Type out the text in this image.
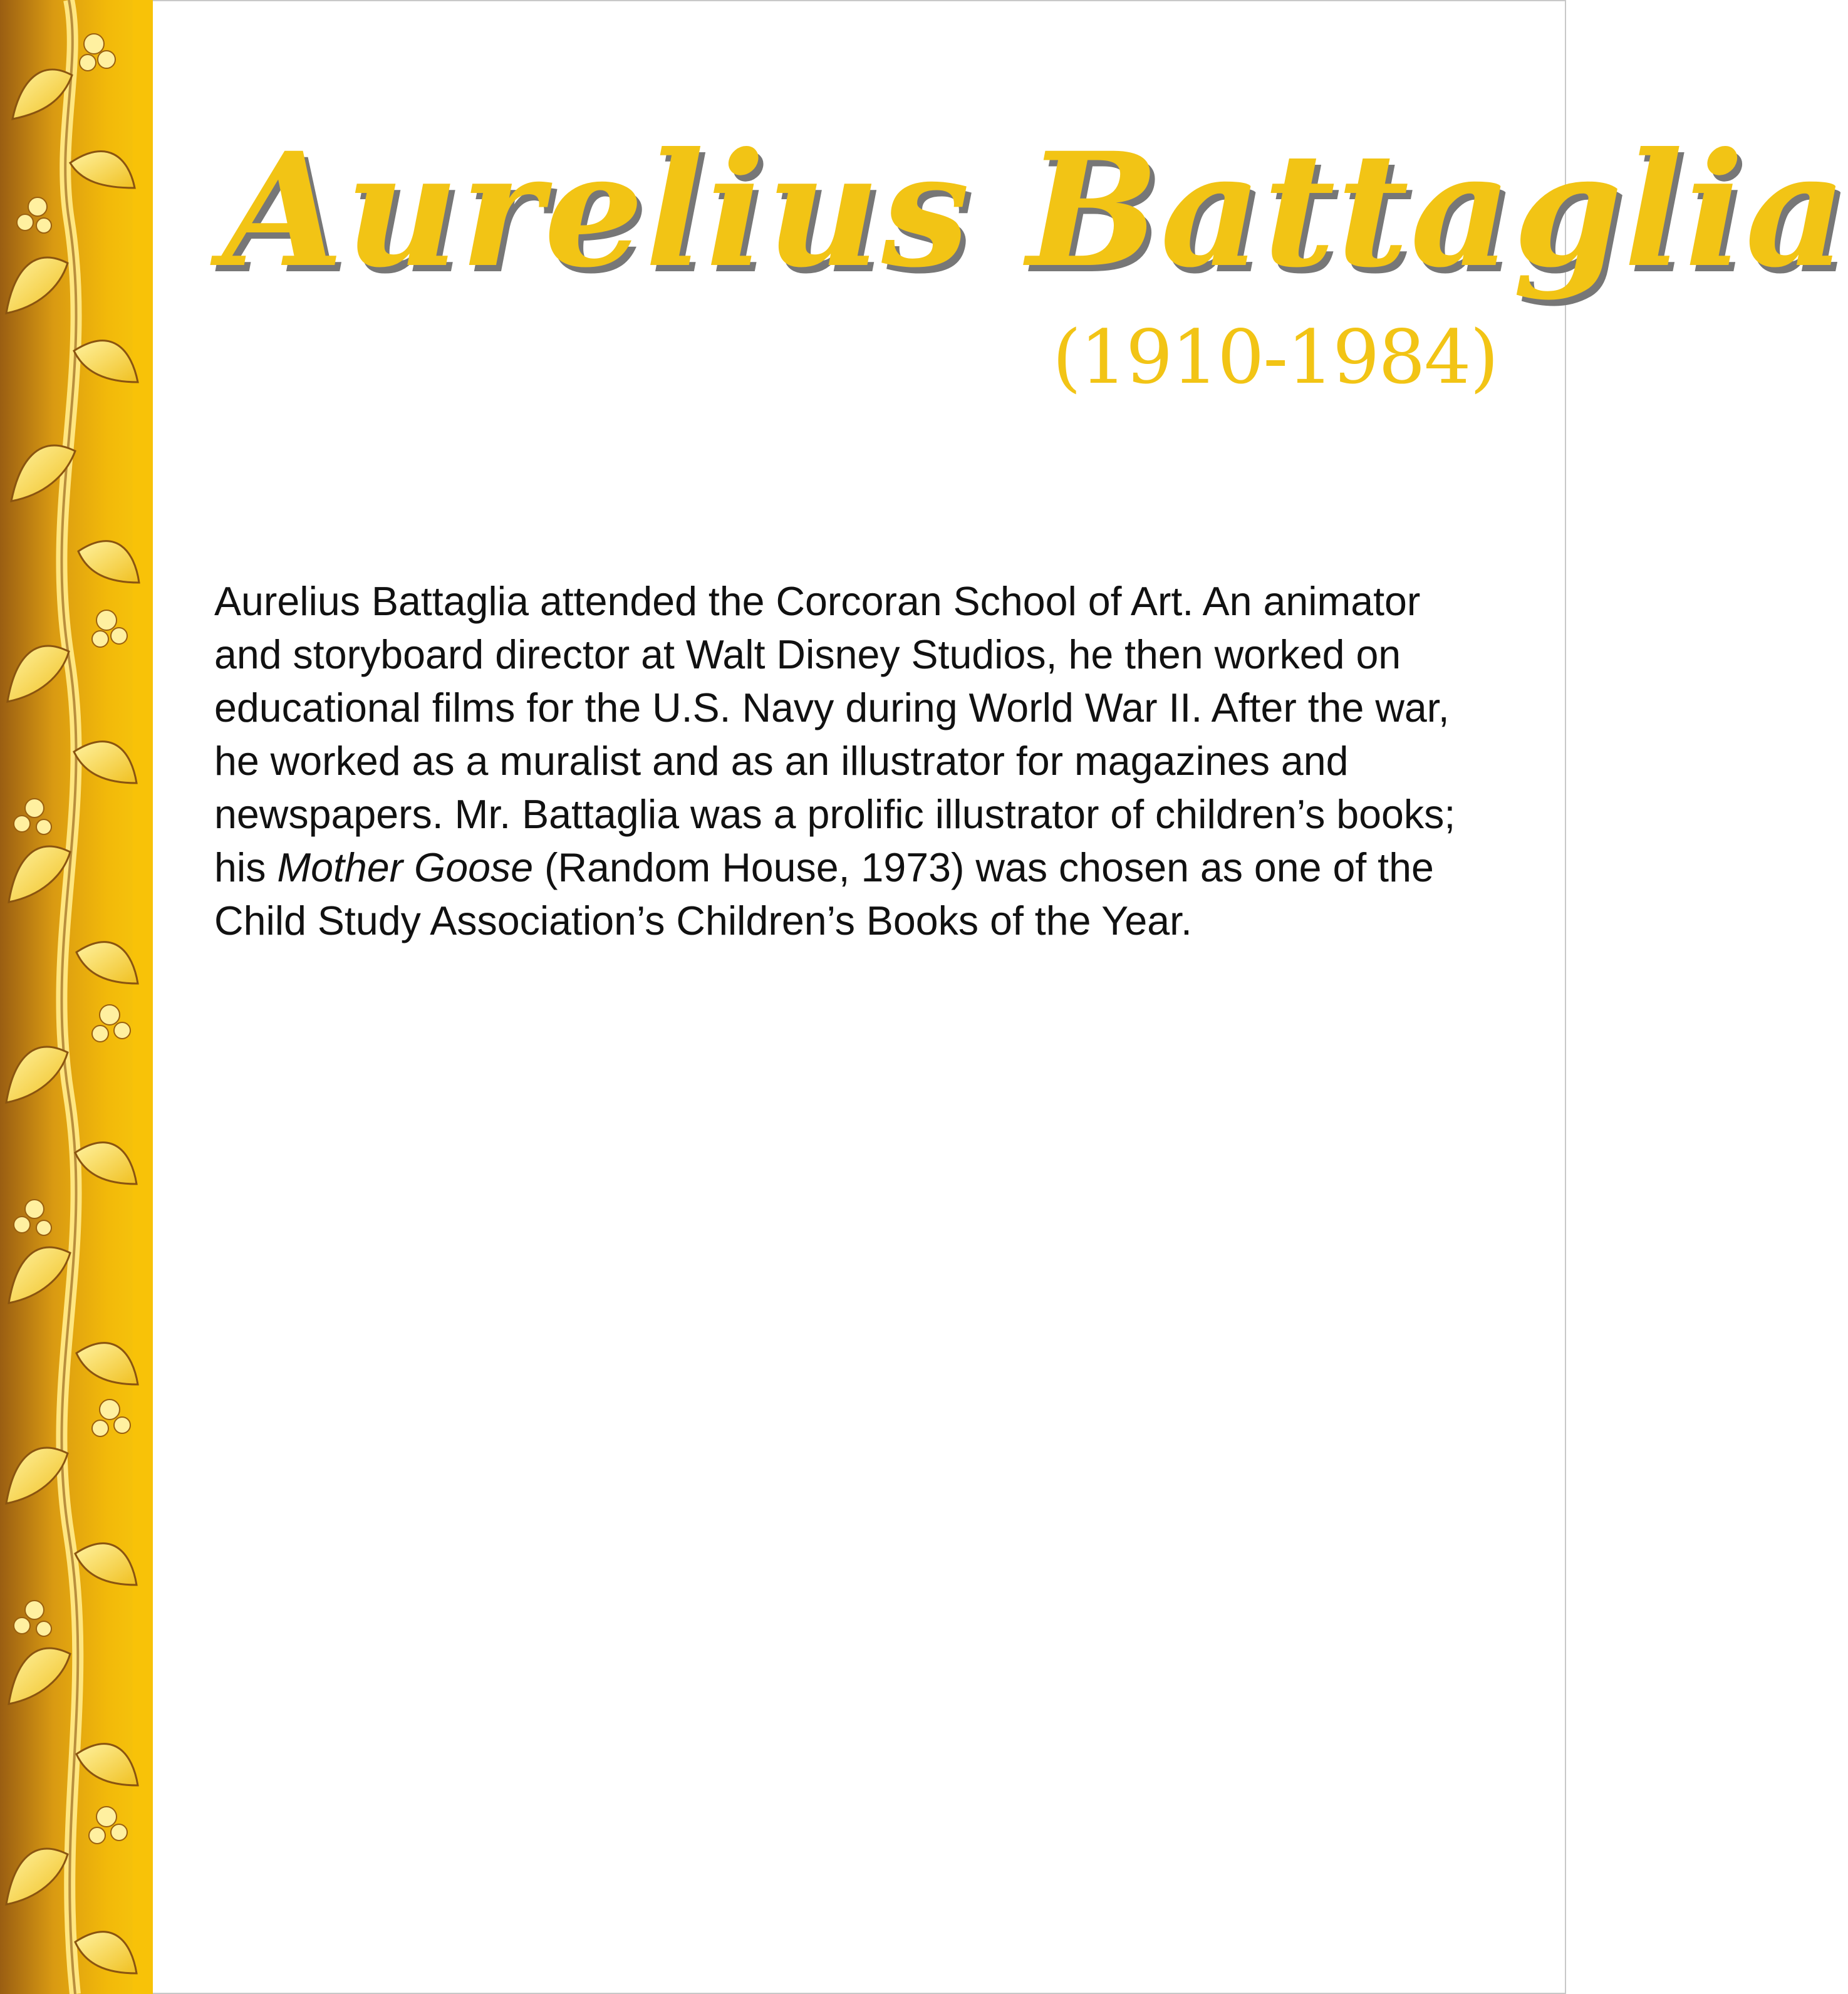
Aurelius Battaglia

(1910-1984)

Aurelius Battaglia attended the Corcoran School of Art. An animator
and storyboard director at Walt Disney Studios, he then worked on
educational films for the U.S. Navy during World War II. After the war,
he worked as a muralist and as an illustrator for magazines and
newspapers. Mr. Battaglia was a prolific illustrator of children’s books;
his Mother Goose (Random House, 1973) was chosen as one of the
Child Study Association’s Children’s Books of the Year.
